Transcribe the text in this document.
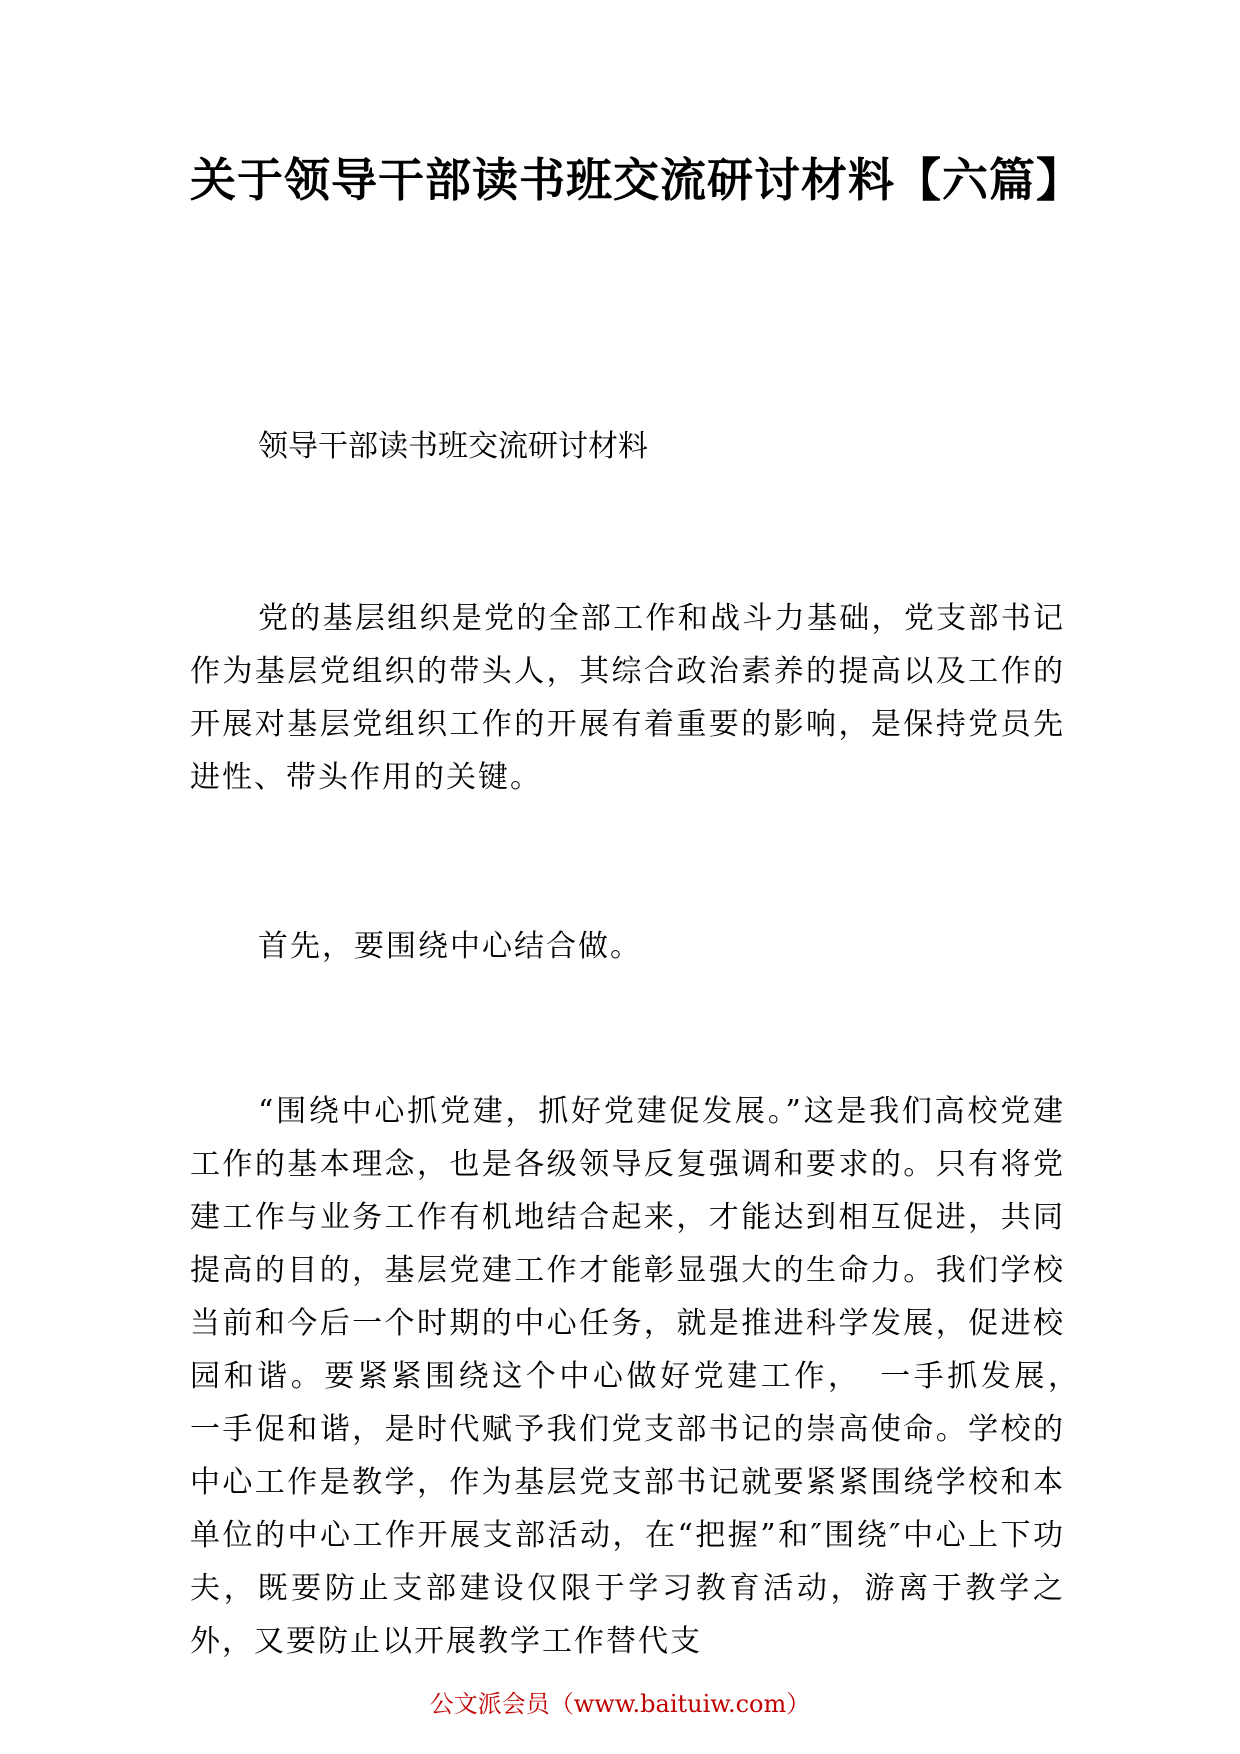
关于领导干部读书班交流研讨材料【六篇】

领导干部读书班交流研讨材料

党的基层组织是党的全部工作和战斗力基础，党支部书记作为基层党组织的带头人，其综合政治素养的提高以及工作的开展对基层党组织工作的开展有着重要的影响，是保持党员先进性、带头作用的关键。

首先，要围绕中心结合做。

“围绕中心抓党建，抓好党建促发展。”这是我们高校党建工作的基本理念，也是各级领导反复强调和要求的。只有将党建工作与业务工作有机地结合起来，才能达到相互促进，共同提高的目的，基层党建工作才能彰显强大的生命力。我们学校当前和今后一个时期的中心任务，就是推进科学发展，促进校园和谐。要紧紧围绕这个中心做好党建工作，　一手抓发展，　一手促和谐，是时代赋予我们党支部书记的崇高使命。学校的中心工作是教学，作为基层党支部书记就要紧紧围绕学校和本单位的中心工作开展支部活动，在“把握”和″围绕″中心上下功夫，既要防止支部建设仅限于学习教育活动，游离于教学之外，又要防止以开展教学工作替代支

公文派会员（www.baituiw.com）
